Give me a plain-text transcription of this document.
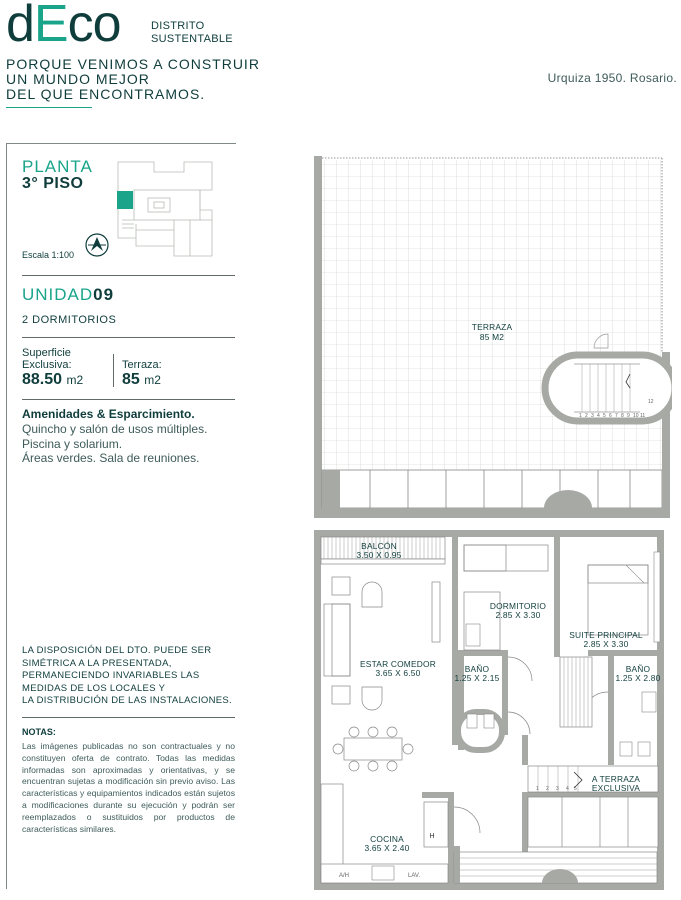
dEco	DISTRITO
SUSTENTABLE
PORQUE VENIMOS A CONSTRUIR
UN MUNDO MEJOR
DEL QUE ENCONTRAMOS.
Urquiza 1950. Rosario.
PLANTA
3° PISO
Escala 1:100
UNIDAD09
2 DORMITORIOS
Superficie Exclusiva:
88.50 m2
Terraza:
85 m2
Amenidades & Esparcimiento.
Quincho y salón de usos múltiples.
Piscina y solarium.
Áreas verdes. Sala de reuniones.
LA DISPOSICIÓN DEL DTO. PUEDE SER
SIMÉTRICA A LA PRESENTADA,
PERMANECIENDO INVARIABLES LAS
MEDIDAS DE LOS LOCALES Y
LA DISTRIBUCIÓN DE LAS INSTALACIONES.
NOTAS:
Las imágenes publicadas no son contractuales y no constituyen oferta de contrato. Todas las medidas informadas son aproximadas y orientativas, y se encuentran sujetas a modificación sin previo aviso. Las características y equipamientos indicados están sujetos a modificaciones durante su ejecución y podrán ser reemplazados o sustituidos por productos de características similares.
TERRAZA
85 M2
1 2 3 4 5 6 7 8 9 10 11
12
BALCÓN
3.50 X 0.95
1 2 3 4 5
A TERRAZA
EXCLUSIVA
DORMITORIO
2.85 X 3.30
SUITE PRINCIPAL
2.85 X 3.30
BAÑO
1.25 X 2.15
BAÑO
1.25 X 2.80
ESTAR COMEDOR
3.65 X 6.50
COCINA
3.65 X 2.40
A/H	LAV.
H
